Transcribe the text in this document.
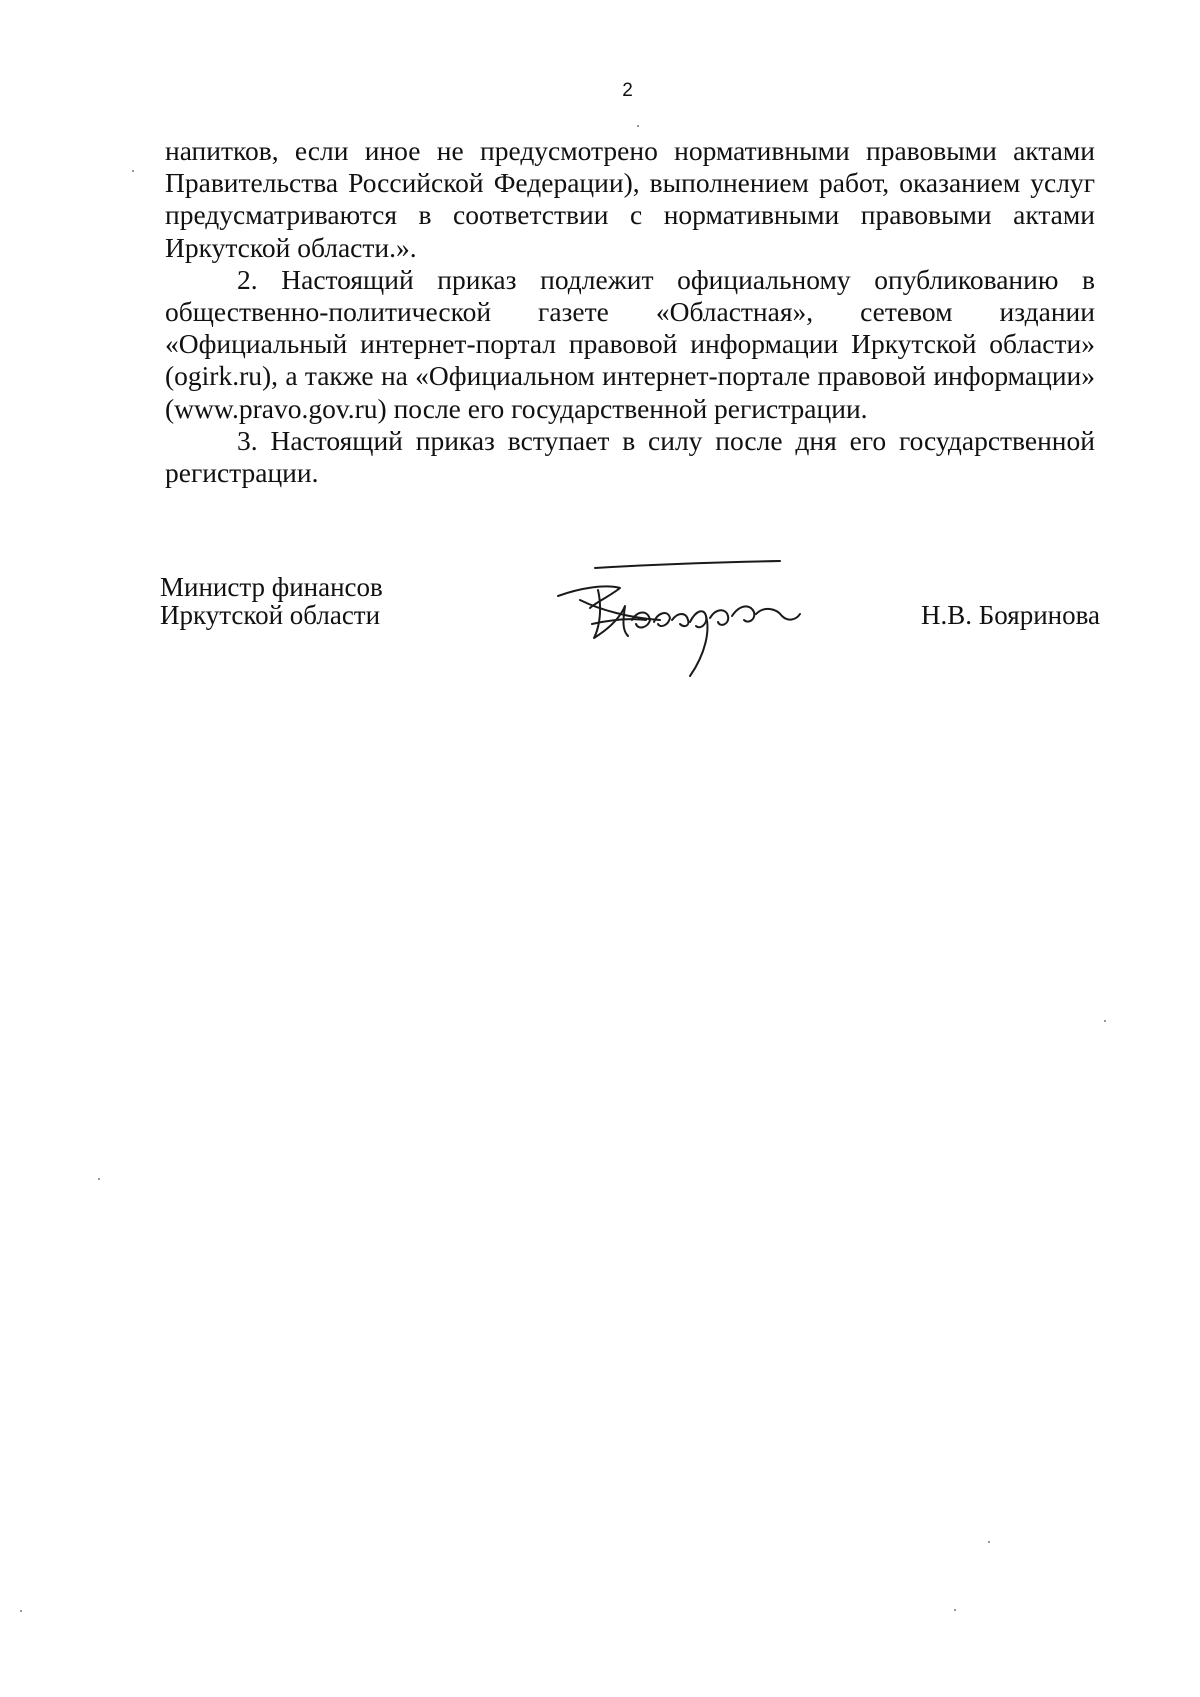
2

напитков, если иное не предусмотрено нормативными правовыми актами Правительства Российской Федерации), выполнением работ, оказанием услуг предусматриваются в соответствии с нормативными правовыми актами Иркутской области.».

2. Настоящий приказ подлежит официальному опубликованию в общественно-политической газете «Областная», сетевом издании «Официальный интернет-портал правовой информации Иркутской области» (ogirk.ru), а также на «Официальном интернет-портале правовой информации» (www.pravo.gov.ru) после его государственной регистрации.

3. Настоящий приказ вступает в силу после дня его государственной регистрации.

Министр финансов
Иркутской области	Н.В. Бояринова
